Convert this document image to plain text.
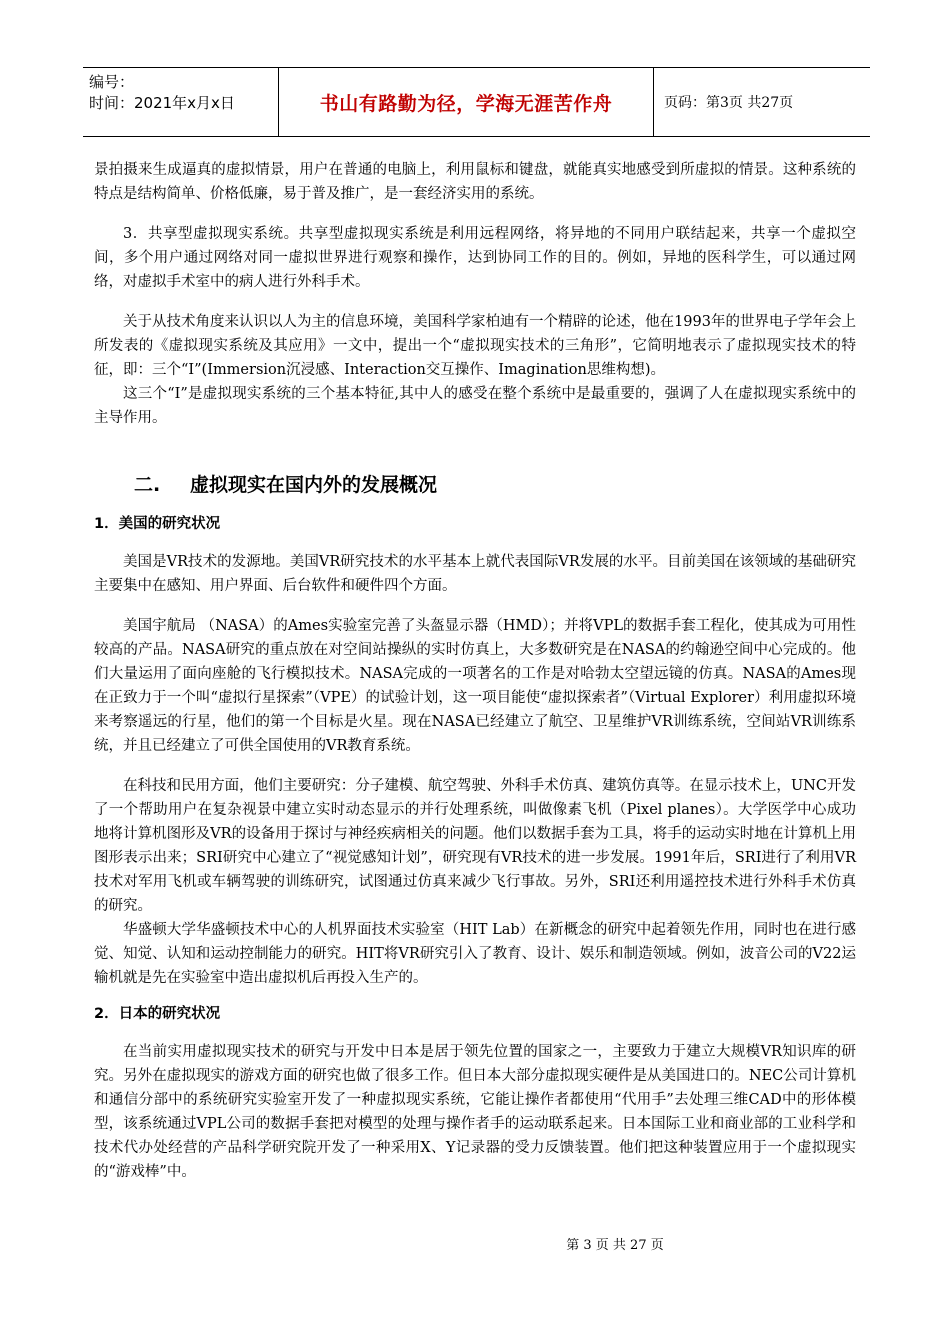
编号：
时间：2021年x月x日	书山有路勤为径，学海无涯苦作舟	页码：第3页 共27页

景拍摄来生成逼真的虚拟情景，用户在普通的电脑上，利用鼠标和键盘，就能真实地感受到所虚拟的情景。这种系统的特点是结构简单、价格低廉，易于普及推广，是一套经济实用的系统。

3．共享型虚拟现实系统。共享型虚拟现实系统是利用远程网络，将异地的不同用户联结起来，共享一个虚拟空间，多个用户通过网络对同一虚拟世界进行观察和操作，达到协同工作的目的。例如，异地的医科学生，可以通过网络，对虚拟手术室中的病人进行外科手术。

关于从技术角度来认识以人为主的信息环境，美国科学家柏迪有一个精辟的论述，他在1993年的世界电子学年会上所发表的《虚拟现实系统及其应用》一文中，提出一个“虚拟现实技术的三角形”，它简明地表示了虚拟现实技术的特征，即：三个“I”(Immersion沉浸感、Interaction交互操作、Imagination思维构想)。

这三个“I”是虚拟现实系统的三个基本特征,其中人的感受在整个系统中是最重要的，强调了人在虚拟现实系统中的主导作用。

二. 虚拟现实在国内外的发展概况

1．美国的研究状况

美国是VR技术的发源地。美国VR研究技术的水平基本上就代表国际VR发展的水平。目前美国在该领域的基础研究主要集中在感知、用户界面、后台软件和硬件四个方面。

美国宇航局 （NASA）的Ames实验室完善了头盔显示器（HMD）；并将VPL的数据手套工程化，使其成为可用性较高的产品。NASA研究的重点放在对空间站操纵的实时仿真上，大多数研究是在NASA的约翰逊空间中心完成的。他们大量运用了面向座舱的飞行模拟技术。NASA完成的一项著名的工作是对哈勃太空望远镜的仿真。NASA的Ames现在正致力于一个叫“虚拟行星探索”（VPE）的试验计划，这一项目能使“虚拟探索者”（Virtual Explorer）利用虚拟环境来考察遥远的行星，他们的第一个目标是火星。现在NASA已经建立了航空、卫星维护VR训练系统，空间站VR训练系统，并且已经建立了可供全国使用的VR教育系统。

在科技和民用方面，他们主要研究：分子建模、航空驾驶、外科手术仿真、建筑仿真等。在显示技术上，UNC开发了一个帮助用户在复杂视景中建立实时动态显示的并行处理系统，叫做像素飞机（Pixel planes）。大学医学中心成功地将计算机图形及VR的设备用于探讨与神经疾病相关的问题。他们以数据手套为工具，将手的运动实时地在计算机上用图形表示出来；SRI研究中心建立了“视觉感知计划”，研究现有VR技术的进一步发展。1991年后，SRI进行了利用VR技术对军用飞机或车辆驾驶的训练研究，试图通过仿真来减少飞行事故。另外，SRI还利用遥控技术进行外科手术仿真的研究。

华盛顿大学华盛顿技术中心的人机界面技术实验室（HIT Lab）在新概念的研究中起着领先作用，同时也在进行感觉、知觉、认知和运动控制能力的研究。HIT将VR研究引入了教育、设计、娱乐和制造领域。例如，波音公司的V22运输机就是先在实验室中造出虚拟机后再投入生产的。

2．日本的研究状况

在当前实用虚拟现实技术的研究与开发中日本是居于领先位置的国家之一，主要致力于建立大规模VR知识库的研究。另外在虚拟现实的游戏方面的研究也做了很多工作。但日本大部分虚拟现实硬件是从美国进口的。NEC公司计算机和通信分部中的系统研究实验室开发了一种虚拟现实系统，它能让操作者都使用“代用手”去处理三维CAD中的形体模型，该系统通过VPL公司的数据手套把对模型的处理与操作者手的运动联系起来。日本国际工业和商业部的工业科学和技术代办处经营的产品科学研究院开发了一种采用X、Y记录器的受力反馈装置。他们把这种装置应用于一个虚拟现实的“游戏棒”中。

第 3 页 共 27 页
